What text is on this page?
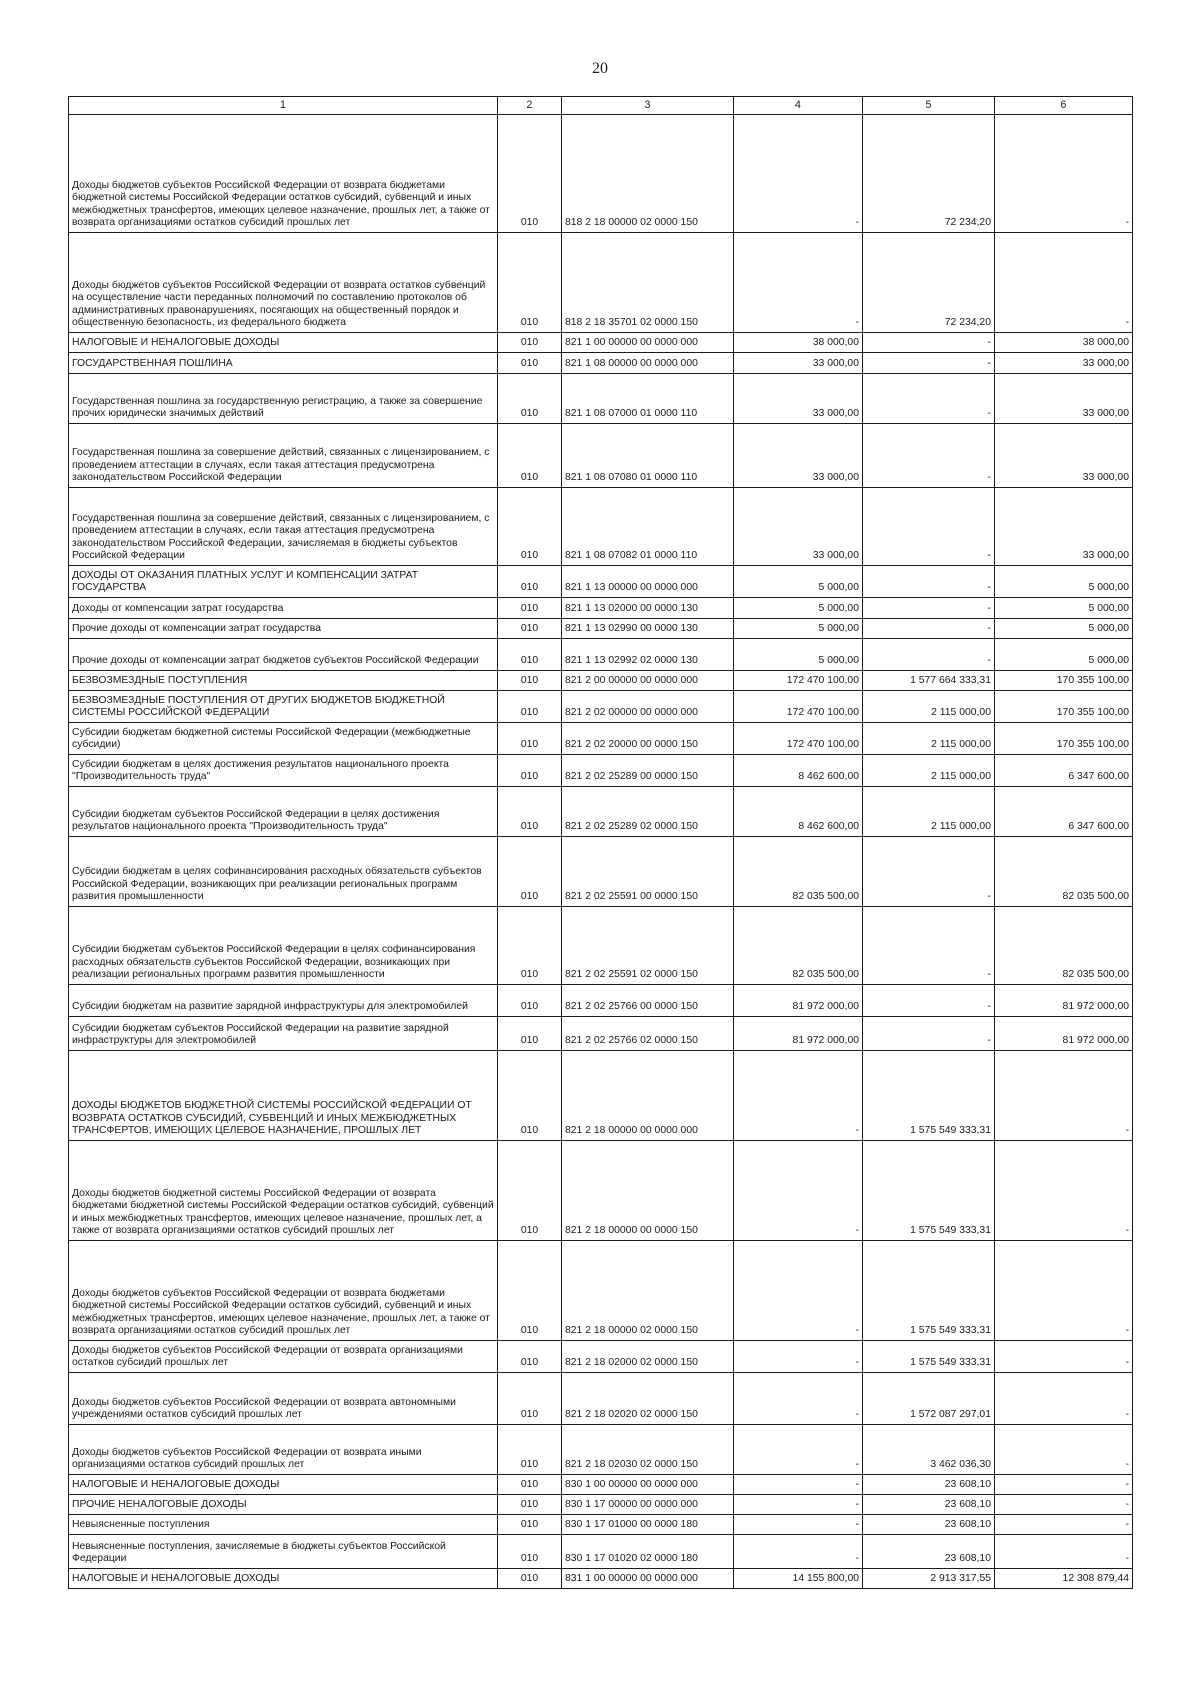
20
1	2	3	4	5	6
Доходы бюджетов субъектов Российской Федерации от возврата бюджетами бюджетной системы Российской Федерации остатков субсидий, субвенций и иных межбюджетных трансфертов, имеющих целевое назначение, прошлых лет, а также от возврата организациями остатков субсидий прошлых лет	010	818 2 18 00000 02 0000 150	-	72 234,20	-
Доходы бюджетов субъектов Российской Федерации от возврата остатков субвенций на осуществление части переданных полномочий по составлению протоколов об административных правонарушениях, посягающих на общественный порядок и общественную безопасность, из федерального бюджета	010	818 2 18 35701 02 0000 150	-	72 234,20	-
НАЛОГОВЫЕ И НЕНАЛОГОВЫЕ ДОХОДЫ	010	821 1 00 00000 00 0000 000	38 000,00	-	38 000,00
ГОСУДАРСТВЕННАЯ ПОШЛИНА	010	821 1 08 00000 00 0000 000	33 000,00	-	33 000,00
Государственная пошлина за государственную регистрацию, а также за совершение прочих юридически значимых действий	010	821 1 08 07000 01 0000 110	33 000,00	-	33 000,00
Государственная пошлина за совершение действий, связанных с лицензированием, с проведением аттестации в случаях, если такая аттестация предусмотрена законодательством Российской Федерации	010	821 1 08 07080 01 0000 110	33 000,00	-	33 000,00
Государственная пошлина за совершение действий, связанных с лицензированием, с проведением аттестации в случаях, если такая аттестация предусмотрена законодательством Российской Федерации, зачисляемая в бюджеты субъектов Российской Федерации	010	821 1 08 07082 01 0000 110	33 000,00	-	33 000,00
ДОХОДЫ ОТ ОКАЗАНИЯ ПЛАТНЫХ УСЛУГ И КОМПЕНСАЦИИ ЗАТРАТ ГОСУДАРСТВА	010	821 1 13 00000 00 0000 000	5 000,00	-	5 000,00
Доходы от компенсации затрат государства	010	821 1 13 02000 00 0000 130	5 000,00	-	5 000,00
Прочие доходы от компенсации затрат государства	010	821 1 13 02990 00 0000 130	5 000,00	-	5 000,00
Прочие доходы от компенсации затрат бюджетов субъектов Российской Федерации	010	821 1 13 02992 02 0000 130	5 000,00	-	5 000,00
БЕЗВОЗМЕЗДНЫЕ ПОСТУПЛЕНИЯ	010	821 2 00 00000 00 0000 000	172 470 100,00	1 577 664 333,31	170 355 100,00
БЕЗВОЗМЕЗДНЫЕ ПОСТУПЛЕНИЯ ОТ ДРУГИХ БЮДЖЕТОВ БЮДЖЕТНОЙ СИСТЕМЫ РОССИЙСКОЙ ФЕДЕРАЦИИ	010	821 2 02 00000 00 0000 000	172 470 100,00	2 115 000,00	170 355 100,00
Субсидии бюджетам бюджетной системы Российской Федерации (межбюджетные субсидии)	010	821 2 02 20000 00 0000 150	172 470 100,00	2 115 000,00	170 355 100,00
Субсидии бюджетам в целях достижения результатов национального проекта "Производительность труда"	010	821 2 02 25289 00 0000 150	8 462 600,00	2 115 000,00	6 347 600,00
Субсидии бюджетам субъектов Российской Федерации в целях достижения результатов национального проекта "Производительность труда"	010	821 2 02 25289 02 0000 150	8 462 600,00	2 115 000,00	6 347 600,00
Субсидии бюджетам в целях софинансирования расходных обязательств субъектов Российской Федерации, возникающих при реализации региональных программ развития промышленности	010	821 2 02 25591 00 0000 150	82 035 500,00	-	82 035 500,00
Субсидии бюджетам субъектов Российской Федерации в целях софинансирования расходных обязательств субъектов Российской Федерации, возникающих при реализации региональных программ развития промышленности	010	821 2 02 25591 02 0000 150	82 035 500,00	-	82 035 500,00
Субсидии бюджетам на развитие зарядной инфраструктуры для электромобилей	010	821 2 02 25766 00 0000 150	81 972 000,00	-	81 972 000,00
Субсидии бюджетам субъектов Российской Федерации на развитие зарядной инфраструктуры для электромобилей	010	821 2 02 25766 02 0000 150	81 972 000,00	-	81 972 000,00
ДОХОДЫ БЮДЖЕТОВ БЮДЖЕТНОЙ СИСТЕМЫ РОССИЙСКОЙ ФЕДЕРАЦИИ ОТ ВОЗВРАТА ОСТАТКОВ СУБСИДИЙ, СУБВЕНЦИЙ И ИНЫХ МЕЖБЮДЖЕТНЫХ ТРАНСФЕРТОВ, ИМЕЮЩИХ ЦЕЛЕВОЕ НАЗНАЧЕНИЕ, ПРОШЛЫХ ЛЕТ	010	821 2 18 00000 00 0000 000	-	1 575 549 333,31	-
Доходы бюджетов бюджетной системы Российской Федерации от возврата бюджетами бюджетной системы Российской Федерации остатков субсидий, субвенций и иных межбюджетных трансфертов, имеющих целевое назначение, прошлых лет, а также от возврата организациями остатков субсидий прошлых лет	010	821 2 18 00000 00 0000 150	-	1 575 549 333,31	-
Доходы бюджетов субъектов Российской Федерации от возврата бюджетами бюджетной системы Российской Федерации остатков субсидий, субвенций и иных межбюджетных трансфертов, имеющих целевое назначение, прошлых лет, а также от возврата организациями остатков субсидий прошлых лет	010	821 2 18 00000 02 0000 150	-	1 575 549 333,31	-
Доходы бюджетов субъектов Российской Федерации от возврата организациями остатков субсидий прошлых лет	010	821 2 18 02000 02 0000 150	-	1 575 549 333,31	-
Доходы бюджетов субъектов Российской Федерации от возврата автономными учреждениями остатков субсидий прошлых лет	010	821 2 18 02020 02 0000 150	-	1 572 087 297,01	-
Доходы бюджетов субъектов Российской Федерации от возврата иными организациями остатков субсидий прошлых лет	010	821 2 18 02030 02 0000 150	-	3 462 036,30	-
НАЛОГОВЫЕ И НЕНАЛОГОВЫЕ ДОХОДЫ	010	830 1 00 00000 00 0000 000	-	23 608,10	-
ПРОЧИЕ НЕНАЛОГОВЫЕ ДОХОДЫ	010	830 1 17 00000 00 0000 000	-	23 608,10	-
Невыясненные поступления	010	830 1 17 01000 00 0000 180	-	23 608,10	-
Невыясненные поступления, зачисляемые в бюджеты субъектов Российской Федерации	010	830 1 17 01020 02 0000 180	-	23 608,10	-
НАЛОГОВЫЕ И НЕНАЛОГОВЫЕ ДОХОДЫ	010	831 1 00 00000 00 0000 000	14 155 800,00	2 913 317,55	12 308 879,44
